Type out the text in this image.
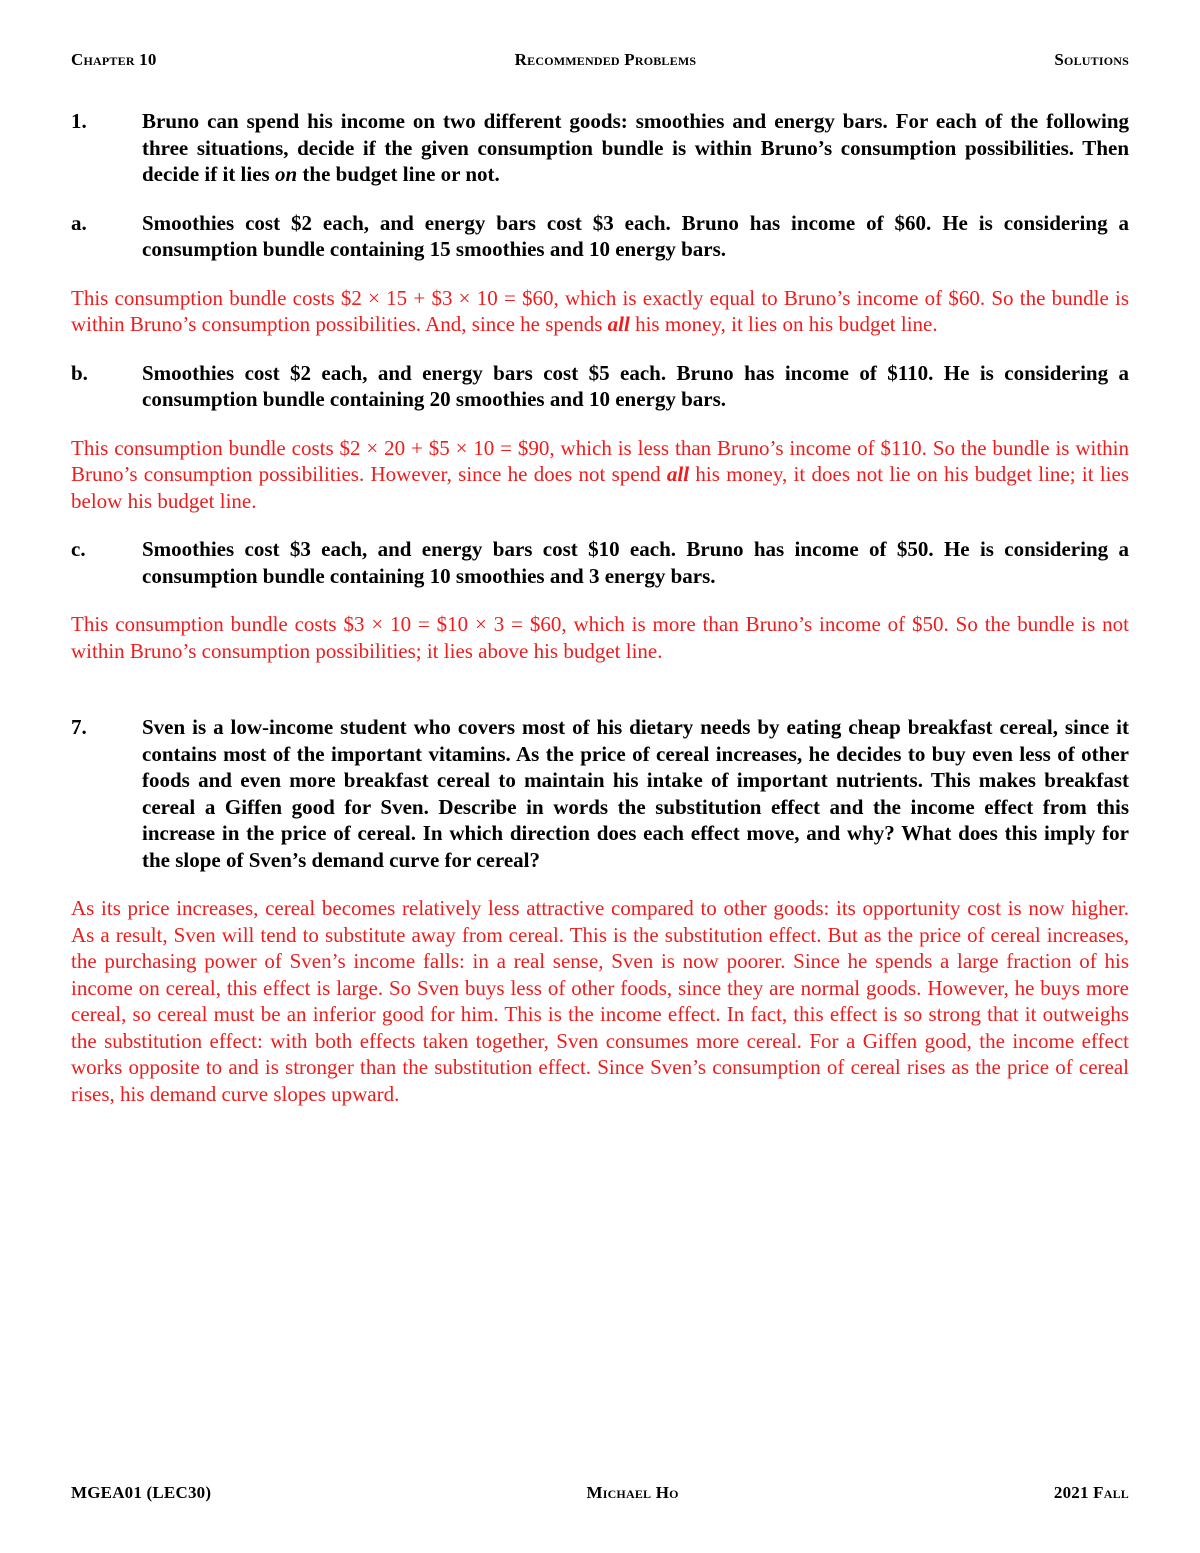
Chapter 10	Recommended Problems	Solutions
1.	Bruno can spend his income on two different goods: smoothies and energy bars. For each of the following three situations, decide if the given consumption bundle is within Bruno’s consumption possibilities. Then decide if it lies on the budget line or not.
a.	Smoothies cost $2 each, and energy bars cost $3 each. Bruno has income of $60. He is considering a consumption bundle containing 15 smoothies and 10 energy bars.
This consumption bundle costs $2 × 15 + $3 × 10 = $60, which is exactly equal to Bruno’s income of $60. So the bundle is within Bruno’s consumption possibilities. And, since he spends all his money, it lies on his budget line.
b.	Smoothies cost $2 each, and energy bars cost $5 each. Bruno has income of $110. He is considering a consumption bundle containing 20 smoothies and 10 energy bars.
This consumption bundle costs $2 × 20 + $5 × 10 = $90, which is less than Bruno’s income of $110. So the bundle is within Bruno’s consumption possibilities. However, since he does not spend all his money, it does not lie on his budget line; it lies below his budget line.
c.	Smoothies cost $3 each, and energy bars cost $10 each. Bruno has income of $50. He is considering a consumption bundle containing 10 smoothies and 3 energy bars.
This consumption bundle costs $3 × 10 = $10 × 3 = $60, which is more than Bruno’s income of $50. So the bundle is not within Bruno’s consumption possibilities; it lies above his budget line.
7.	Sven is a low-income student who covers most of his dietary needs by eating cheap breakfast cereal, since it contains most of the important vitamins. As the price of cereal increases, he decides to buy even less of other foods and even more breakfast cereal to maintain his intake of important nutrients. This makes breakfast cereal a Giffen good for Sven. Describe in words the substitution effect and the income effect from this increase in the price of cereal. In which direction does each effect move, and why? What does this imply for the slope of Sven’s demand curve for cereal?
As its price increases, cereal becomes relatively less attractive compared to other goods: its opportunity cost is now higher. As a result, Sven will tend to substitute away from cereal. This is the substitution effect. But as the price of cereal increases, the purchasing power of Sven’s income falls: in a real sense, Sven is now poorer. Since he spends a large fraction of his income on cereal, this effect is large. So Sven buys less of other foods, since they are normal goods. However, he buys more cereal, so cereal must be an inferior good for him. This is the income effect. In fact, this effect is so strong that it outweighs the substitution effect: with both effects taken together, Sven consumes more cereal. For a Giffen good, the income effect works opposite to and is stronger than the substitution effect. Since Sven’s consumption of cereal rises as the price of cereal rises, his demand curve slopes upward.
MGEA01 (LEC30)	Michael Ho	2021 Fall
